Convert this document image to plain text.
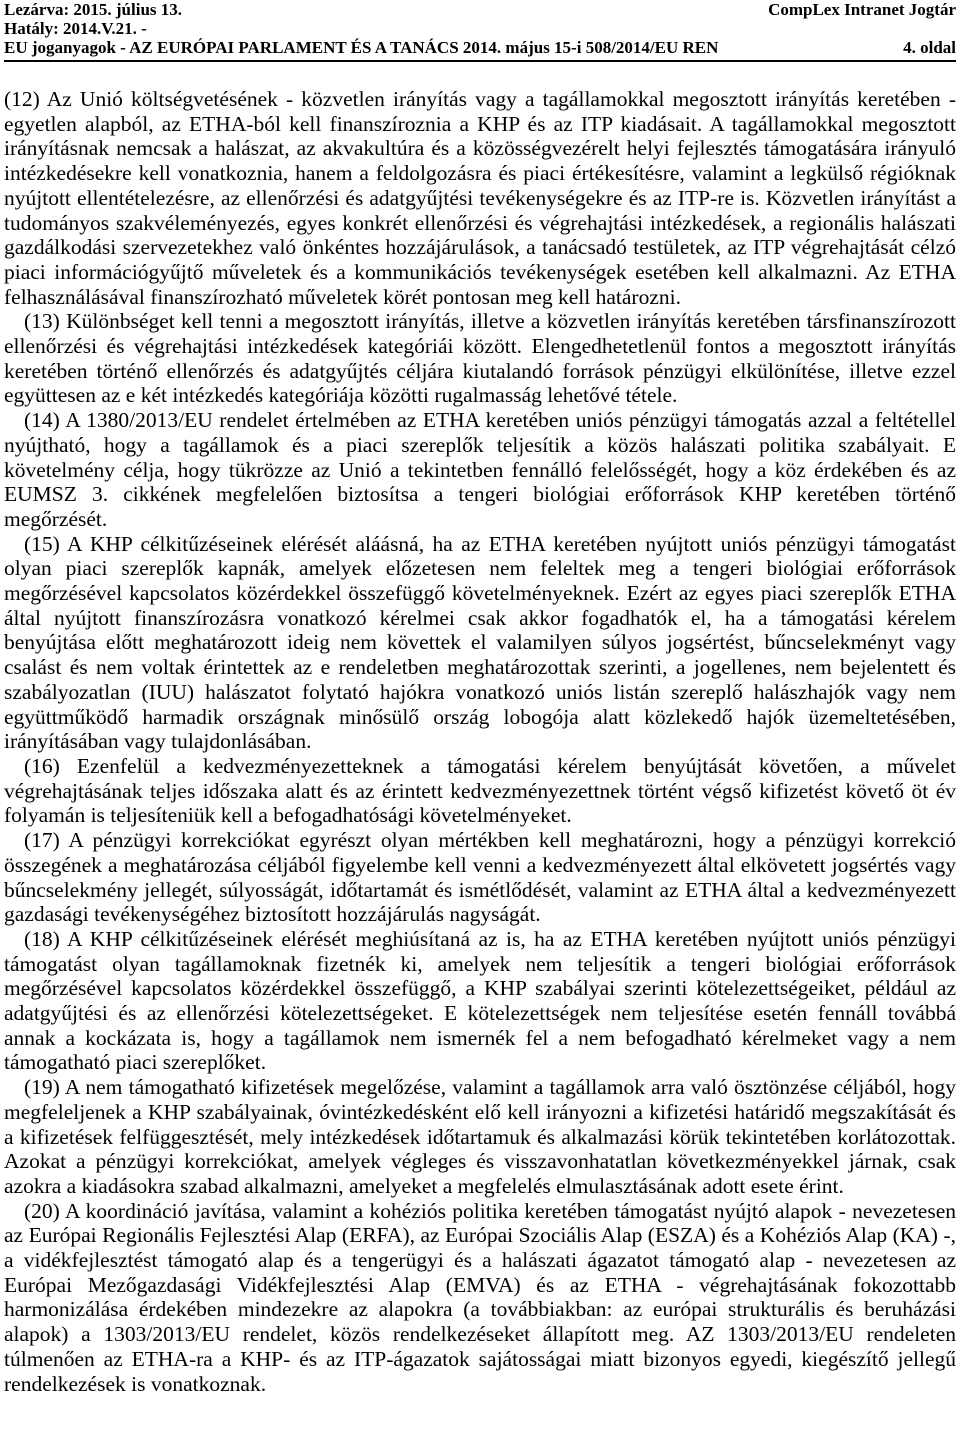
Lezárva: 2015. július 13.	CompLex Intranet Jogtár
Hatály: 2014.V.21. -
EU joganyagok - AZ EURÓPAI PARLAMENT ÉS A TANÁCS 2014. május 15-i 508/2014/EU REN	4. oldal

(12) Az Unió költségvetésének - közvetlen irányítás vagy a tagállamokkal megosztott irányítás keretében - egyetlen alapból, az ETHA-ból kell finanszíroznia a KHP és az ITP kiadásait. A tagállamokkal megosztott irányításnak nemcsak a halászat, az akvakultúra és a közösségvezérelt helyi fejlesztés támogatására irányuló intézkedésekre kell vonatkoznia, hanem a feldolgozásra és piaci értékesítésre, valamint a legkülső régióknak nyújtott ellentételezésre, az ellenőrzési és adatgyűjtési tevékenységekre és az ITP-re is. Közvetlen irányítást a tudományos szakvéleményezés, egyes konkrét ellenőrzési és végrehajtási intézkedések, a regionális halászati gazdálkodási szervezetekhez való önkéntes hozzájárulások, a tanácsadó testületek, az ITP végrehajtását célzó piaci információgyűjtő műveletek és a kommunikációs tevékenységek esetében kell alkalmazni. Az ETHA felhasználásával finanszírozható műveletek körét pontosan meg kell határozni.

(13) Különbséget kell tenni a megosztott irányítás, illetve a közvetlen irányítás keretében társfinanszírozott ellenőrzési és végrehajtási intézkedések kategóriái között. Elengedhetetlenül fontos a megosztott irányítás keretében történő ellenőrzés és adatgyűjtés céljára kiutalandó források pénzügyi elkülönítése, illetve ezzel együttesen az e két intézkedés kategóriája közötti rugalmasság lehetővé tétele.

(14) A 1380/2013/EU rendelet értelmében az ETHA keretében uniós pénzügyi támogatás azzal a feltétellel nyújtható, hogy a tagállamok és a piaci szereplők teljesítik a közös halászati politika szabályait. E követelmény célja, hogy tükrözze az Unió a tekintetben fennálló felelősségét, hogy a köz érdekében és az EUMSZ 3. cikkének megfelelően biztosítsa a tengeri biológiai erőforrások KHP keretében történő megőrzését.

(15) A KHP célkitűzéseinek elérését aláásná, ha az ETHA keretében nyújtott uniós pénzügyi támogatást olyan piaci szereplők kapnák, amelyek előzetesen nem feleltek meg a tengeri biológiai erőforrások megőrzésével kapcsolatos közérdekkel összefüggő követelményeknek. Ezért az egyes piaci szereplők ETHA által nyújtott finanszírozásra vonatkozó kérelmei csak akkor fogadhatók el, ha a támogatási kérelem benyújtása előtt meghatározott ideig nem követtek el valamilyen súlyos jogsértést, bűncselekményt vagy csalást és nem voltak érintettek az e rendeletben meghatározottak szerinti, a jogellenes, nem bejelentett és szabályozatlan (IUU) halászatot folytató hajókra vonatkozó uniós listán szereplő halászhajók vagy nem együttműködő harmadik országnak minősülő ország lobogója alatt közlekedő hajók üzemeltetésében, irányításában vagy tulajdonlásában.

(16) Ezenfelül a kedvezményezetteknek a támogatási kérelem benyújtását követően, a művelet végrehajtásának teljes időszaka alatt és az érintett kedvezményezettnek történt végső kifizetést követő öt év folyamán is teljesíteniük kell a befogadhatósági követelményeket.

(17) A pénzügyi korrekciókat egyrészt olyan mértékben kell meghatározni, hogy a pénzügyi korrekció összegének a meghatározása céljából figyelembe kell venni a kedvezményezett által elkövetett jogsértés vagy bűncselekmény jellegét, súlyosságát, időtartamát és ismétlődését, valamint az ETHA által a kedvezményezett gazdasági tevékenységéhez biztosított hozzájárulás nagyságát.

(18) A KHP célkitűzéseinek elérését meghiúsítaná az is, ha az ETHA keretében nyújtott uniós pénzügyi támogatást olyan tagállamoknak fizetnék ki, amelyek nem teljesítik a tengeri biológiai erőforrások megőrzésével kapcsolatos közérdekkel összefüggő, a KHP szabályai szerinti kötelezettségeiket, például az adatgyűjtési és az ellenőrzési kötelezettségeket. E kötelezettségek nem teljesítése esetén fennáll továbbá annak a kockázata is, hogy a tagállamok nem ismernék fel a nem befogadható kérelmeket vagy a nem támogatható piaci szereplőket.

(19) A nem támogatható kifizetések megelőzése, valamint a tagállamok arra való ösztönzése céljából, hogy megfeleljenek a KHP szabályainak, óvintézkedésként elő kell irányozni a kifizetési határidő megszakítását és a kifizetések felfüggesztését, mely intézkedések időtartamuk és alkalmazási körük tekintetében korlátozottak. Azokat a pénzügyi korrekciókat, amelyek végleges és visszavonhatatlan következményekkel járnak, csak azokra a kiadásokra szabad alkalmazni, amelyeket a megfelelés elmulasztásának adott esete érint.

(20) A koordináció javítása, valamint a kohéziós politika keretében támogatást nyújtó alapok - nevezetesen az Európai Regionális Fejlesztési Alap (ERFA), az Európai Szociális Alap (ESZA) és a Kohéziós Alap (KA) -, a vidékfejlesztést támogató alap és a tengerügyi és a halászati ágazatot támogató alap - nevezetesen az Európai Mezőgazdasági Vidékfejlesztési Alap (EMVA) és az ETHA - végrehajtásának fokozottabb harmonizálása érdekében mindezekre az alapokra (a továbbiakban: az európai strukturális és beruházási alapok) a 1303/2013/EU rendelet, közös rendelkezéseket állapított meg. AZ 1303/2013/EU rendeleten túlmenően az ETHA-ra a KHP- és az ITP-ágazatok sajátosságai miatt bizonyos egyedi, kiegészítő jellegű rendelkezések is vonatkoznak.
